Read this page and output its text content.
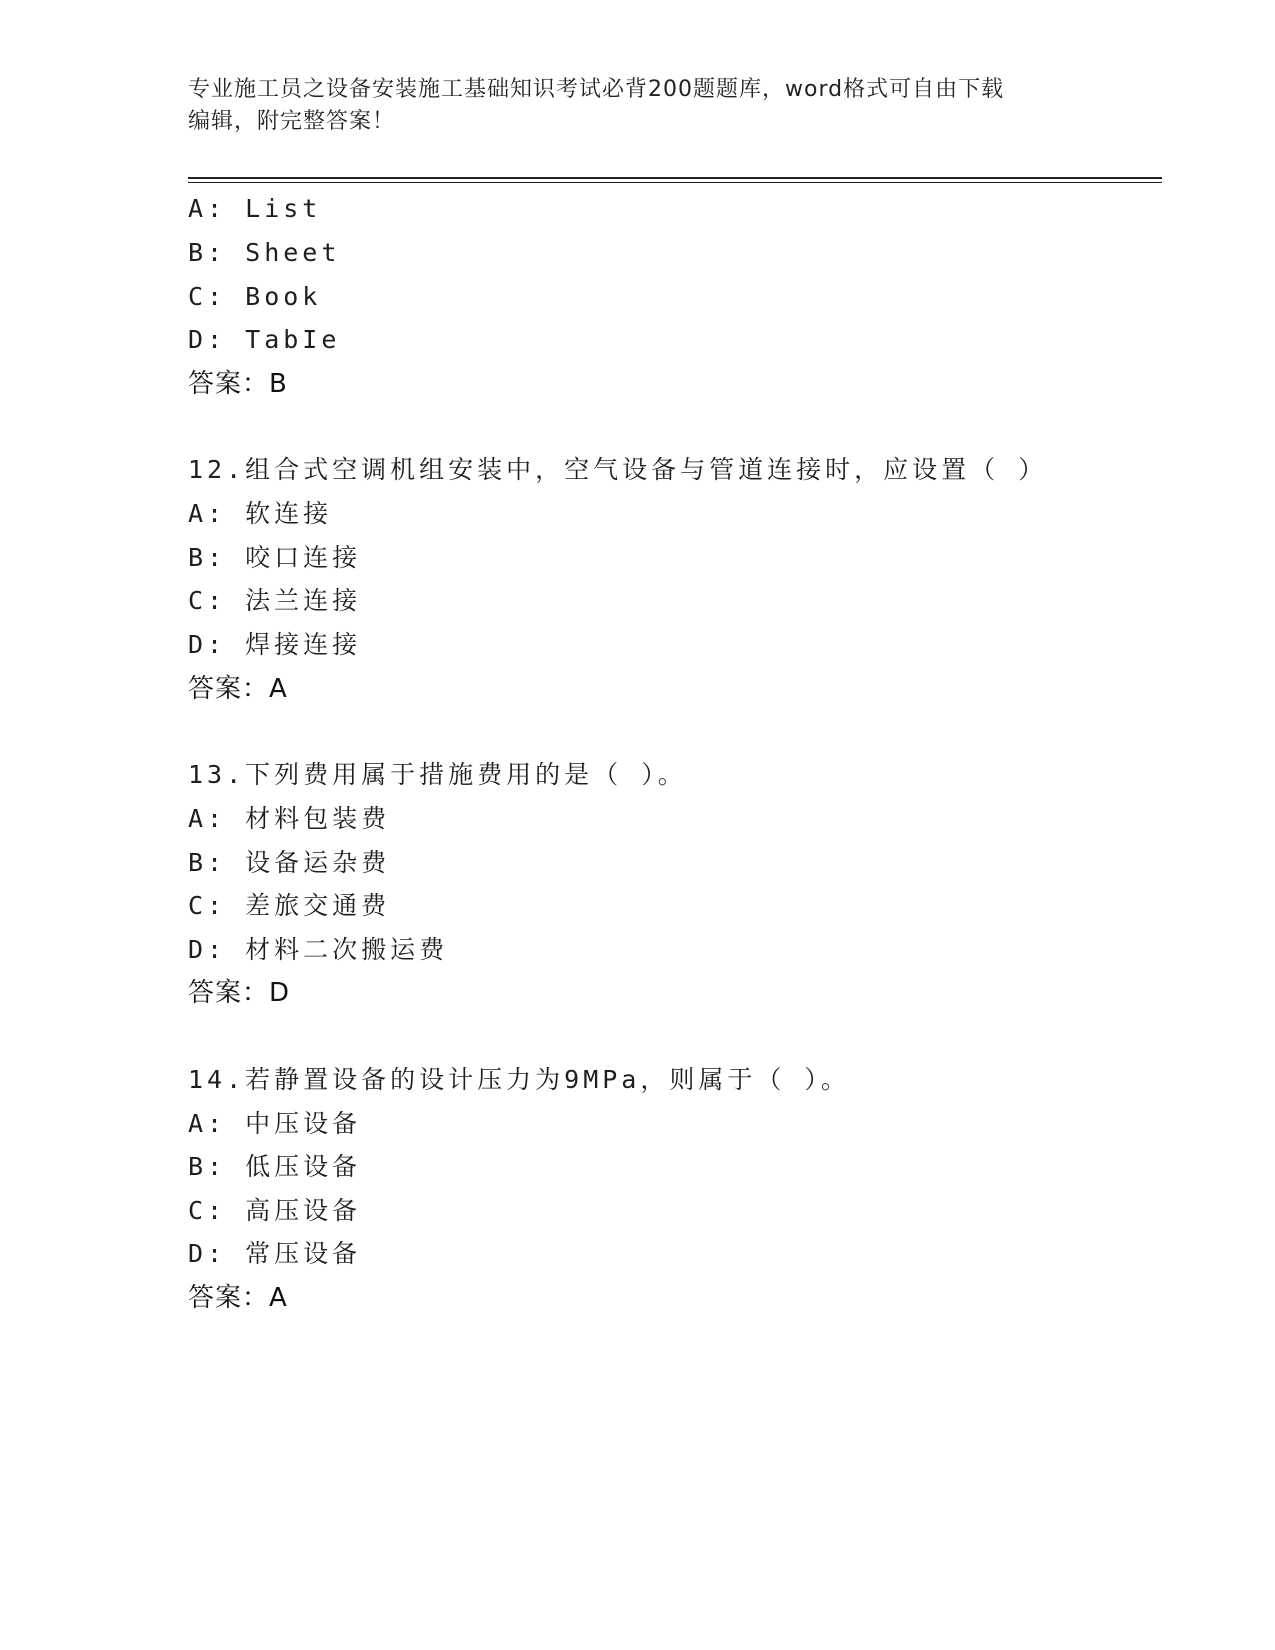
专业施工员之设备安装施工基础知识考试必背200题题库，word格式可自由下载
编辑，附完整答案！
A: List
B: Sheet
C: Book
D: TabIe
答案：B
12.组合式空调机组安装中，空气设备与管道连接时，应设置（ ）
A: 软连接
B: 咬口连接
C: 法兰连接
D: 焊接连接
答案：A
13.下列费用属于措施费用的是（ ）。
A: 材料包装费
B: 设备运杂费
C: 差旅交通费
D: 材料二次搬运费
答案：D
14.若静置设备的设计压力为9MPa，则属于（ ）。
A: 中压设备
B: 低压设备
C: 高压设备
D: 常压设备
答案：A
